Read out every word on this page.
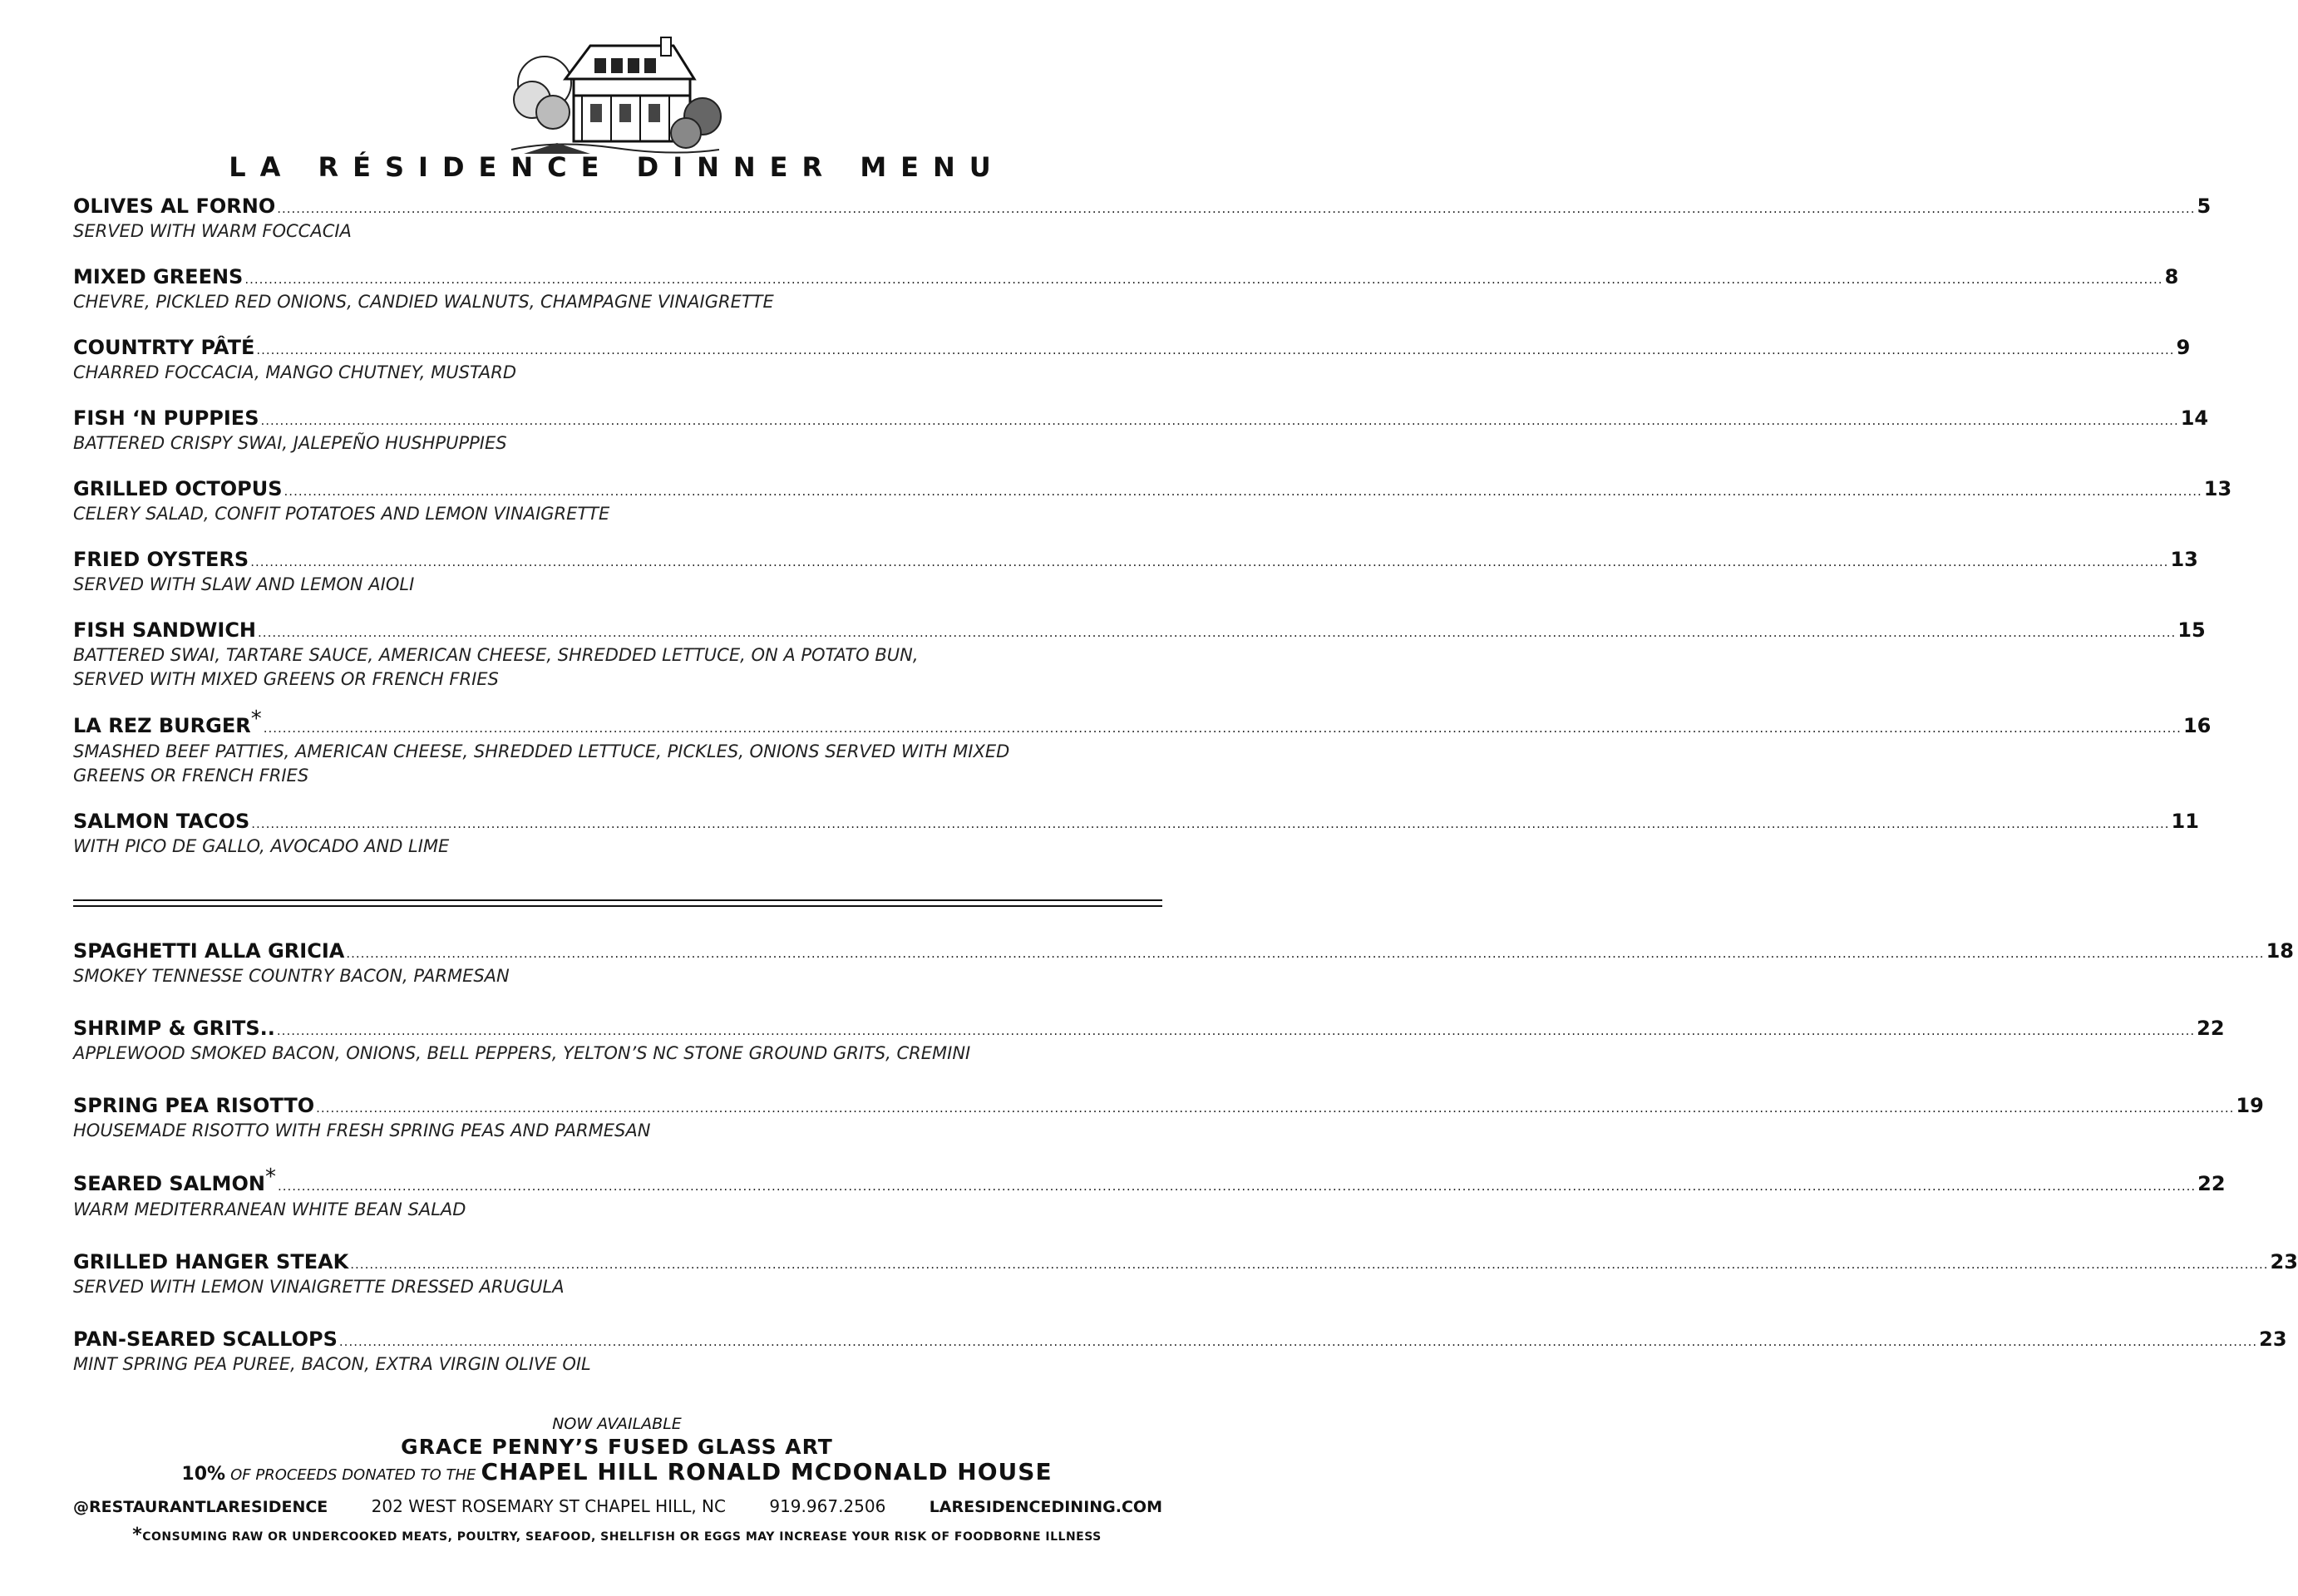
LA RÉSIDENCE DINNER MENU
OLIVES AL FORNO ................................................................................................................................................................................................................................................................................................................................................................................................................ 5
SERVED WITH WARM FOCCACIA
MIXED GREENS ................................................................................................................................................................................................................................................................................................................................................................................................................ 8
CHEVRE, PICKLED RED ONIONS, CANDIED WALNUTS, CHAMPAGNE VINAIGRETTE
COUNTRTY PÂTÉ ................................................................................................................................................................................................................................................................................................................................................................................................................ 9
CHARRED FOCCACIA, MANGO CHUTNEY, MUSTARD
FISH ‘N PUPPIES ................................................................................................................................................................................................................................................................................................................................................................................................................ 14
BATTERED CRISPY SWAI, JALEPEÑO HUSHPUPPIES
GRILLED OCTOPUS ................................................................................................................................................................................................................................................................................................................................................................................................................ 13
CELERY SALAD, CONFIT POTATOES AND LEMON VINAIGRETTE
FRIED OYSTERS ................................................................................................................................................................................................................................................................................................................................................................................................................ 13
SERVED WITH SLAW AND LEMON AIOLI
FISH SANDWICH ................................................................................................................................................................................................................................................................................................................................................................................................................ 15
BATTERED SWAI, TARTARE SAUCE, AMERICAN CHEESE, SHREDDED LETTUCE, ON A POTATO BUN,
SERVED WITH MIXED GREENS OR FRENCH FRIES
LA REZ BURGER * ................................................................................................................................................................................................................................................................................................................................................................................................................ 16
SMASHED BEEF PATTIES, AMERICAN CHEESE, SHREDDED LETTUCE, PICKLES, ONIONS SERVED WITH MIXED
GREENS OR FRENCH FRIES
SALMON TACOS ................................................................................................................................................................................................................................................................................................................................................................................................................ 11
WITH PICO DE GALLO, AVOCADO AND LIME
SPAGHETTI ALLA GRICIA ................................................................................................................................................................................................................................................................................................................................................................................................................ 18
SMOKEY TENNESSE COUNTRY BACON, PARMESAN
SHRIMP & GRITS.. ................................................................................................................................................................................................................................................................................................................................................................................................................ 22
APPLEWOOD SMOKED BACON, ONIONS, BELL PEPPERS, YELTON’S NC STONE GROUND GRITS, CREMINI
SPRING PEA RISOTTO ................................................................................................................................................................................................................................................................................................................................................................................................................ 19
HOUSEMADE RISOTTO WITH FRESH SPRING PEAS AND PARMESAN
SEARED SALMON * ................................................................................................................................................................................................................................................................................................................................................................................................................ 22
WARM MEDITERRANEAN WHITE BEAN SALAD
GRILLED HANGER STEAK ................................................................................................................................................................................................................................................................................................................................................................................................................ 23
SERVED WITH LEMON VINAIGRETTE DRESSED ARUGULA
PAN-SEARED SCALLOPS ................................................................................................................................................................................................................................................................................................................................................................................................................ 23
MINT SPRING PEA PUREE, BACON, EXTRA VIRGIN OLIVE OIL
NOW AVAILABLE
GRACE PENNY’S FUSED GLASS ART
10% OF PROCEEDS DONATED TO THE CHAPEL HILL RONALD MCDONALD HOUSE
@RESTAURANTLARESIDENCE	202 WEST ROSEMARY ST CHAPEL HILL, NC	919.967.2506	LARESIDENCEDINING.COM
*CONSUMING RAW OR UNDERCOOKED MEATS, POULTRY, SEAFOOD, SHELLFISH OR EGGS MAY INCREASE YOUR RISK OF FOODBORNE ILLNESS
